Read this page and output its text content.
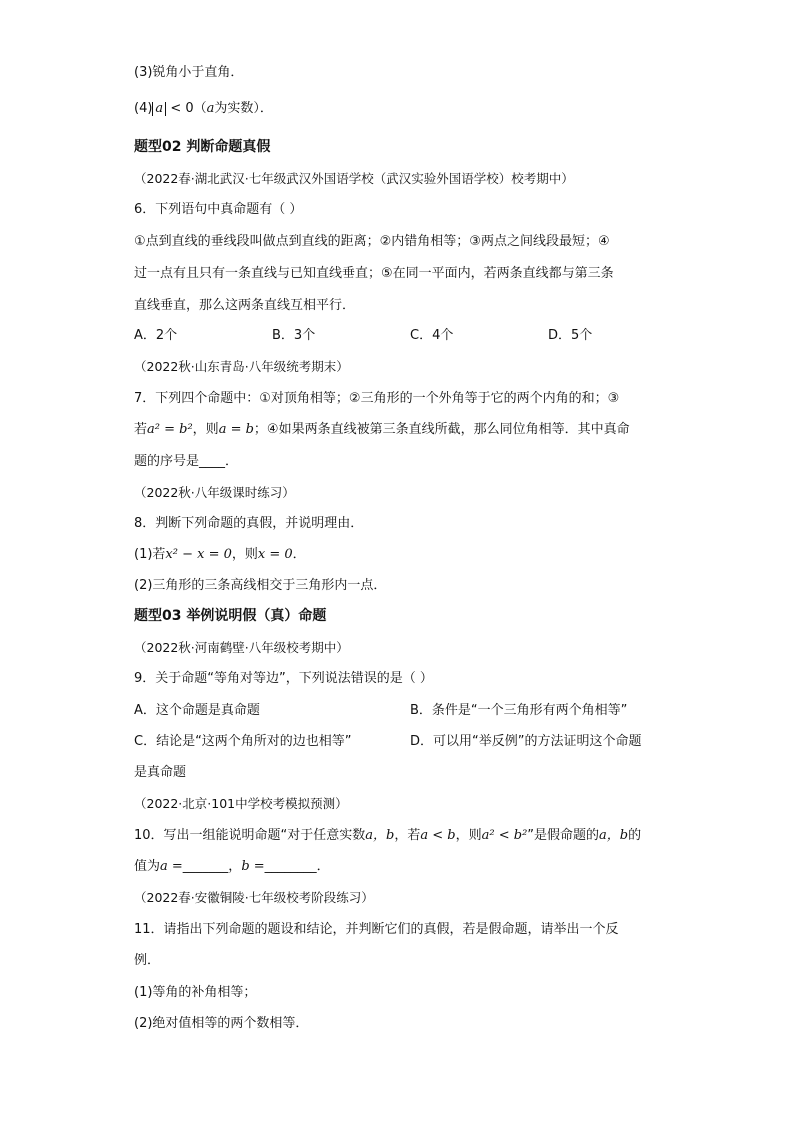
(3)锐角小于直角．
(4) a < 0（a为实数）．
题型02 判断命题真假
（2022春·湖北武汉·七年级武汉外国语学校（武汉实验外国语学校）校考期中）
6．下列语句中真命题有（ ）
①点到直线的垂线段叫做点到直线的距离；②内错角相等；③两点之间线段最短；④
过一点有且只有一条直线与已知直线垂直；⑤在同一平面内，若两条直线都与第三条
直线垂直，那么这两条直线互相平行．
A．2个	B．3个	C．4个	D．5个
（2022秋·山东青岛·八年级统考期末）
7．下列四个命题中：①对顶角相等；②三角形的一个外角等于它的两个内角的和；③
若a² = b²，则a = b；④如果两条直线被第三条直线所截，那么同位角相等．其中真命
题的序号是____．
（2022秋·八年级课时练习）
8．判断下列命题的真假，并说明理由．
(1)若x² − x = 0，则x = 0．
(2)三角形的三条高线相交于三角形内一点．
题型03 举例说明假（真）命题
（2022秋·河南鹤壁·八年级校考期中）
9．关于命题“等角对等边”，下列说法错误的是（ ）
A．这个命题是真命题	B．条件是“一个三角形有两个角相等”
C．结论是“这两个角所对的边也相等”	D．可以用“举反例”的方法证明这个命题
是真命题
（2022·北京·101中学校考模拟预测）
10．写出一组能说明命题“对于任意实数a，b，若a < b，则a² < b²”是假命题的a，b的
值为a =_______，b =________．
（2022春·安徽铜陵·七年级校考阶段练习）
11．请指出下列命题的题设和结论，并判断它们的真假，若是假命题，请举出一个反
例．
(1)等角的补角相等；
(2)绝对值相等的两个数相等．
